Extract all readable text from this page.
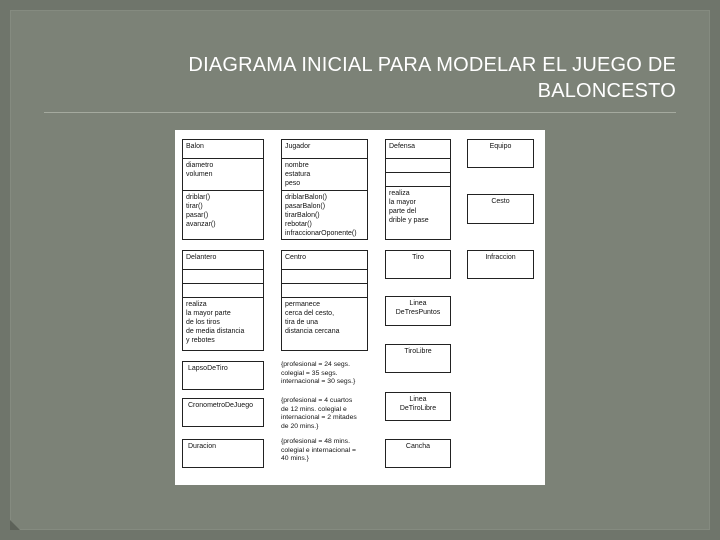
DIAGRAMA INICIAL PARA MODELAR EL JUEGO DE
BALONCESTO
Balon
diametro
volumen
driblar()
tirar()
pasar()
avanzar()
Jugador
nombre
estatura
peso
driblarBalon()
pasarBalon()
tirarBalon()
rebotar()
infraccionarOponente()
Defensa
realiza
la mayor
parte del
drible y pase
Equipo
Cesto
Delantero
realiza
la mayor parte
de los tiros
de media distancia
y rebotes
Centro
permanece
cerca del cesto,
tira de una
distancia cercana
Tiro	Infraccion
Linea
DeTresPuntos
TiroLibre
LapsoDeTiro
{profesional = 24 segs.
colegial = 35 segs.
internacional = 30 segs.}
CronometroDeJuego
{profesional = 4 cuartos
de 12 mins. colegial e
internacional = 2 mitades
de 20 mins.}
Linea
DeTiroLibre
Duracion
{profesional = 48 mins.
colegial e internacional =
40 mins.}
Cancha
